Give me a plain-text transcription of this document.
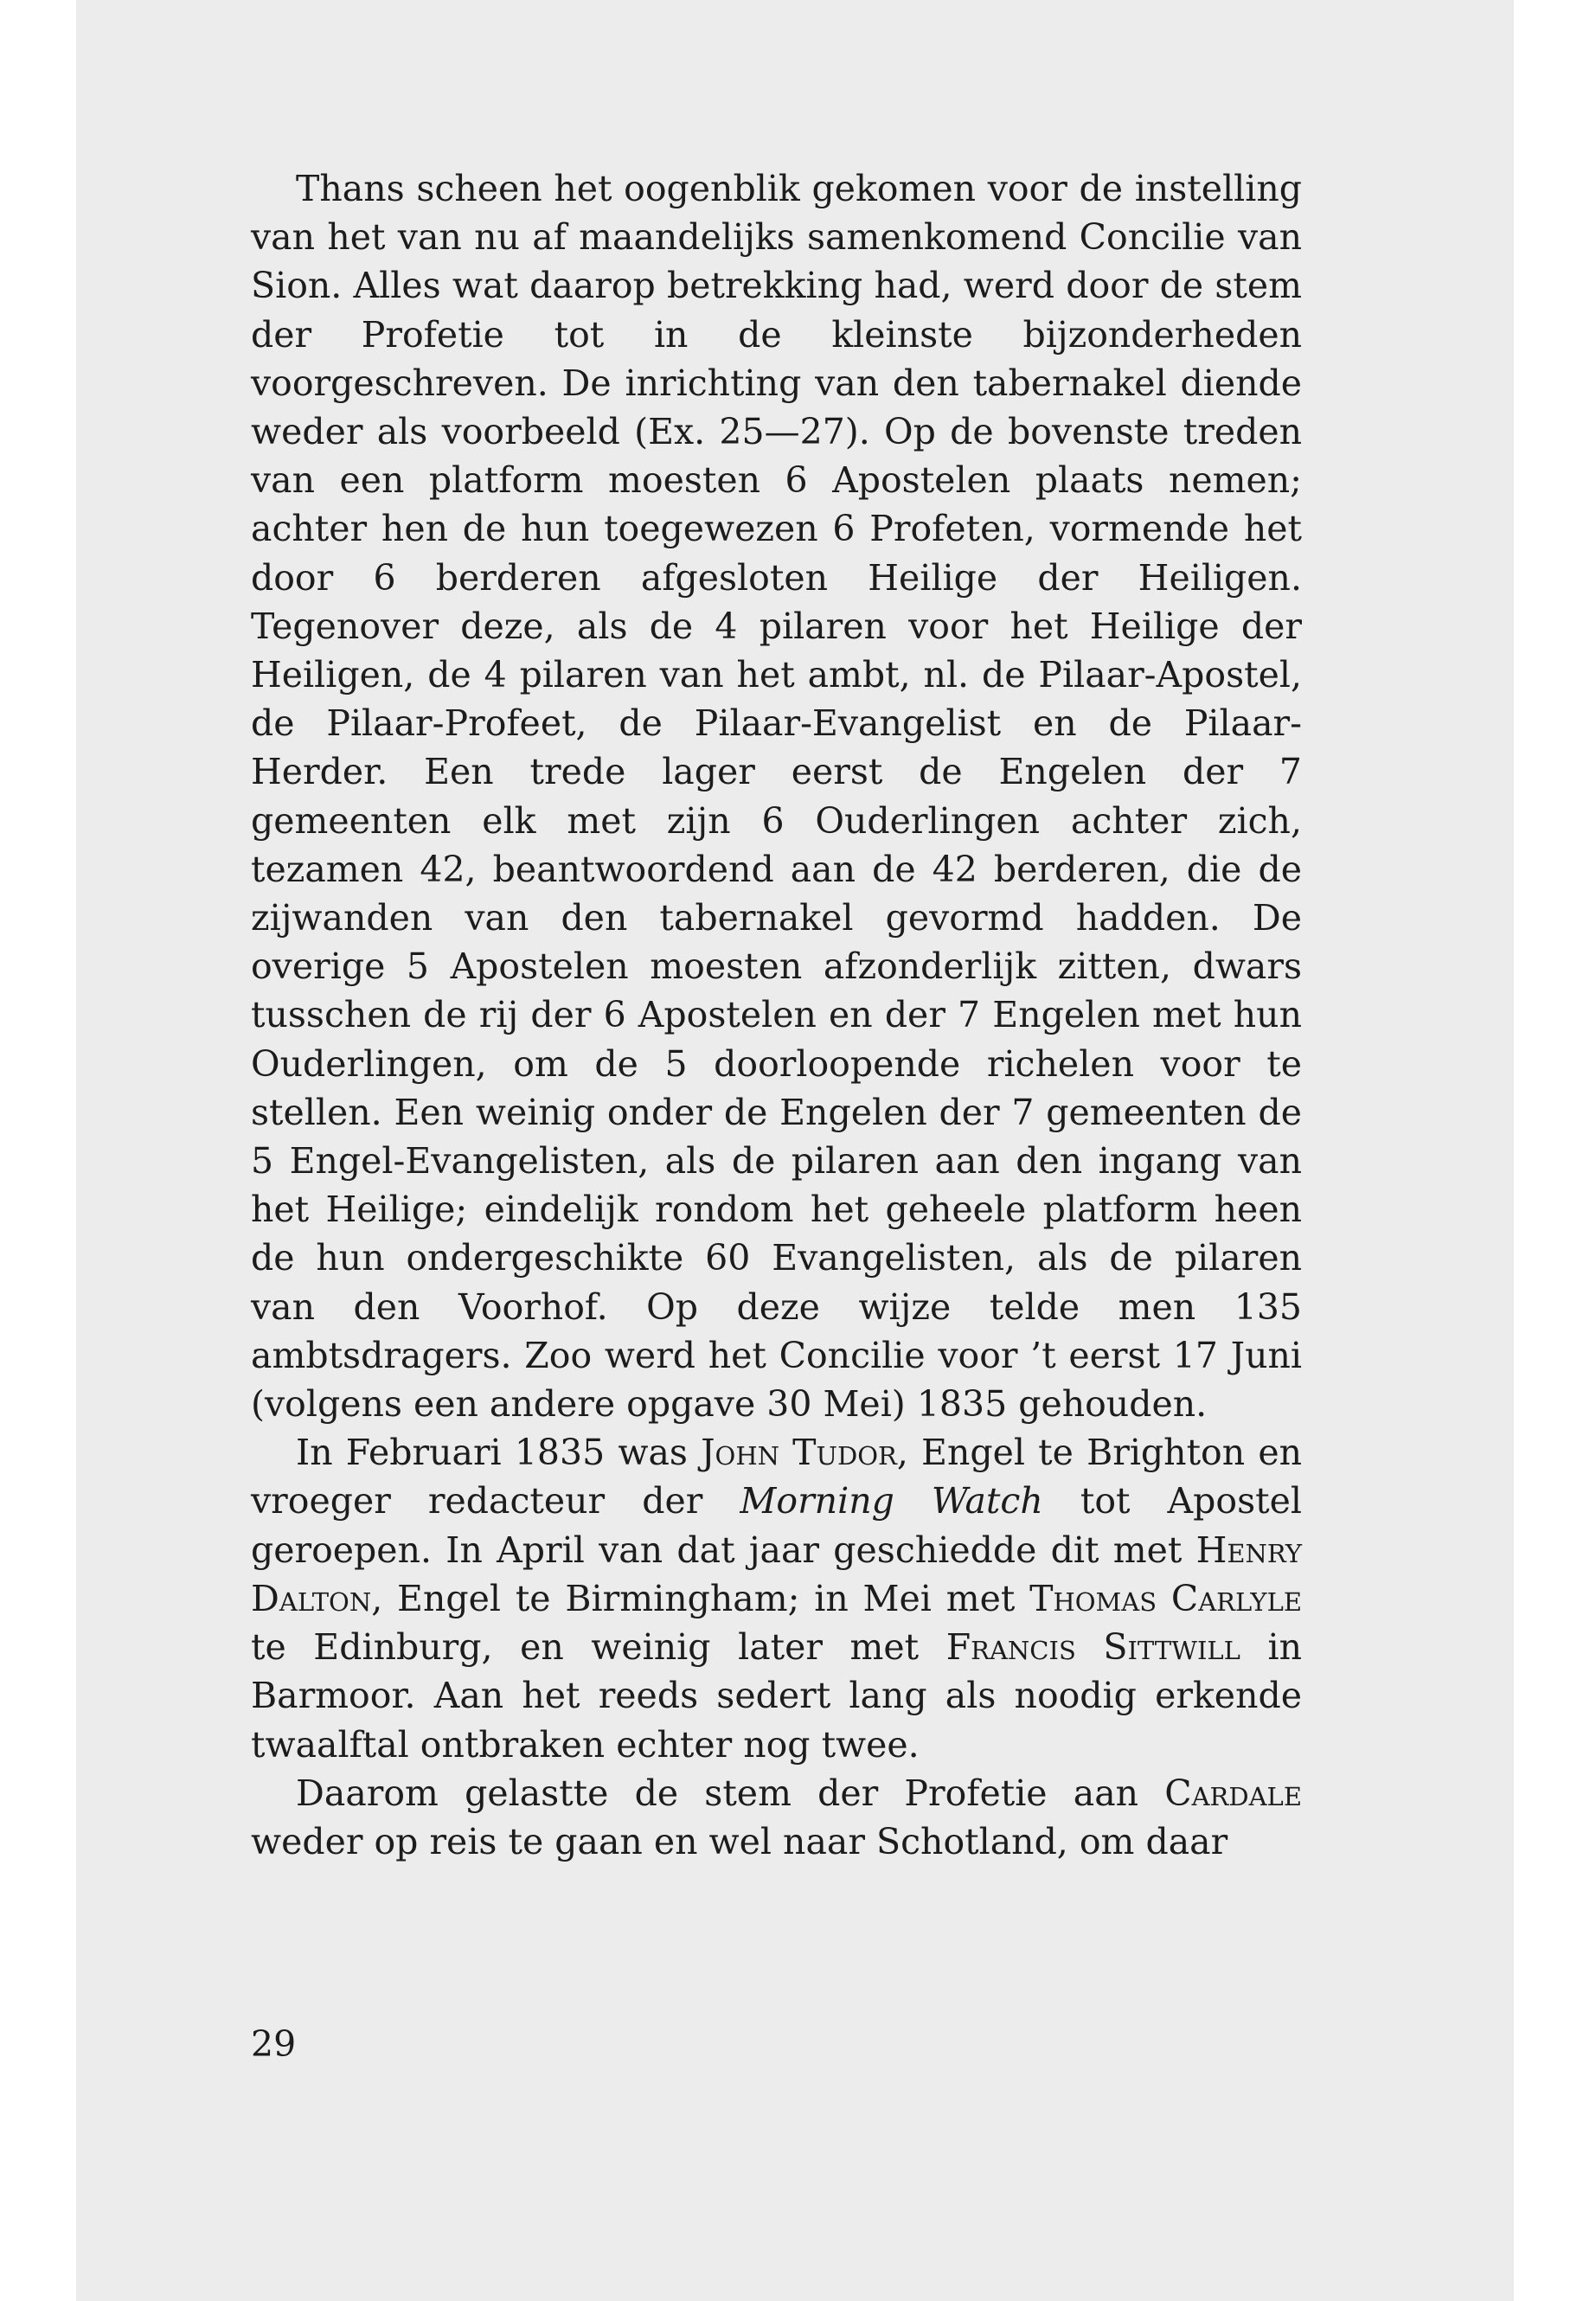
Thans scheen het oogenblik gekomen voor de instelling van het van nu af maandelijks samenkomend Concilie van Sion. Alles wat daarop betrekking had, werd door de stem der Profetie tot in de kleinste bijzonderheden voorgeschreven. De inrichting van den tabernakel diende weder als voorbeeld (Ex. 25—27). Op de bovenste treden van een platform moesten 6 Apostelen plaats nemen; achter hen de hun toegewezen 6 Profeten, vormende het door 6 berderen afgesloten Heilige der Heiligen. Tegenover deze, als de 4 pilaren voor het Heilige der Heiligen, de 4 pilaren van het ambt, nl. de Pilaar-Apostel, de Pilaar-Profeet, de Pilaar-Evangelist en de Pilaar-Herder. Een trede lager eerst de Engelen der 7 gemeenten elk met zijn 6 Ouderlingen achter zich, tezamen 42, beantwoordend aan de 42 berderen, die de zijwanden van den tabernakel gevormd hadden. De overige 5 Apostelen moesten afzonderlijk zitten, dwars tusschen de rij der 6 Apostelen en der 7 Engelen met hun Ouderlingen, om de 5 doorloopende richelen voor te stellen. Een weinig onder de Engelen der 7 gemeenten de 5 Engel-Evangelisten, als de pilaren aan den ingang van het Heilige; eindelijk rondom het geheele platform heen de hun ondergeschikte 60 Evangelisten, als de pilaren van den Voorhof. Op deze wijze telde men 135 ambtsdragers. Zoo werd het Concilie voor ’t eerst 17 Juni (volgens een andere opgave 30 Mei) 1835 gehouden.

In Februari 1835 was John Tudor, Engel te Brighton en vroeger redacteur der Morning Watch tot Apostel geroepen. In April van dat jaar geschiedde dit met Henry Dalton, Engel te Birmingham; in Mei met Thomas Carlyle te Edinburg, en weinig later met Francis Sittwill in Barmoor. Aan het reeds sedert lang als noodig erkende twaalftal ontbraken echter nog twee.

Daarom gelastte de stem der Profetie aan Cardale weder op reis te gaan en wel naar Schotland, om daar

29
